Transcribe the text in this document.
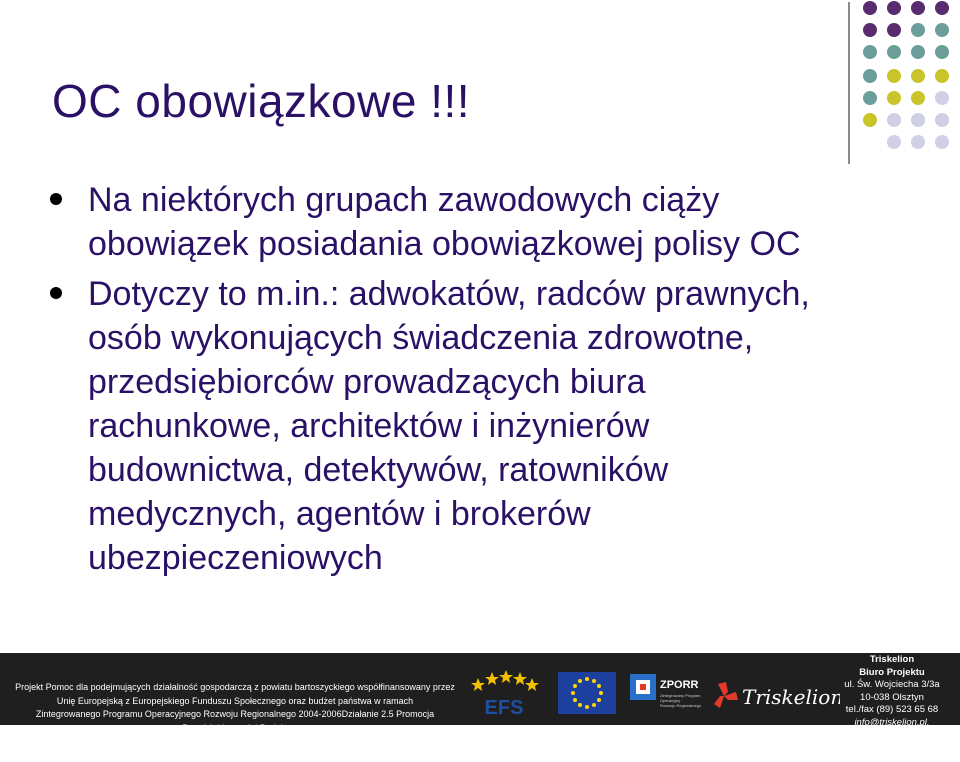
OC obowiązkowe !!!
Na niektórych grupach zawodowych ciąży obowiązek posiadania obowiązkowej polisy OC
Dotyczy to m.in.: adwokatów, radców prawnych, osób wykonujących świadczenia zdrowotne, przedsiębiorców prowadzących biura rachunkowe, architektów i inżynierów budownictwa, detektywów, ratowników medycznych, agentów i brokerów ubezpieczeniowych
Projekt Pomoc dla podejmujących działalność gospodarczą z powiatu bartoszyckiego współfinansowany przez
Unię Europejską z Europejskiego Funduszu Społecznego oraz budżet państwa w ramach
Zintegrowanego Programu Operacyjnego Rozwoju Regionalnego 2004-2006Działanie 2.5 Promocja Przedsiębiorczości Projekt
jest realizowany w ramach umowy podpisanej z Warmińsko-Mazurską Agencją Rozwoju Regionalnego S.A. w Olsztynie
EFS
ZPORR
Zintegrowany Program
Operacyjny
Rozwoju Regionalnego Triskelion
Triskelion
Biuro Projektu
ul. Św. Wojciecha 3/3a
10-038 Olsztyn
tel./fax (89) 523 65 68
info@triskelion.pl,
www.triskelion.pl
